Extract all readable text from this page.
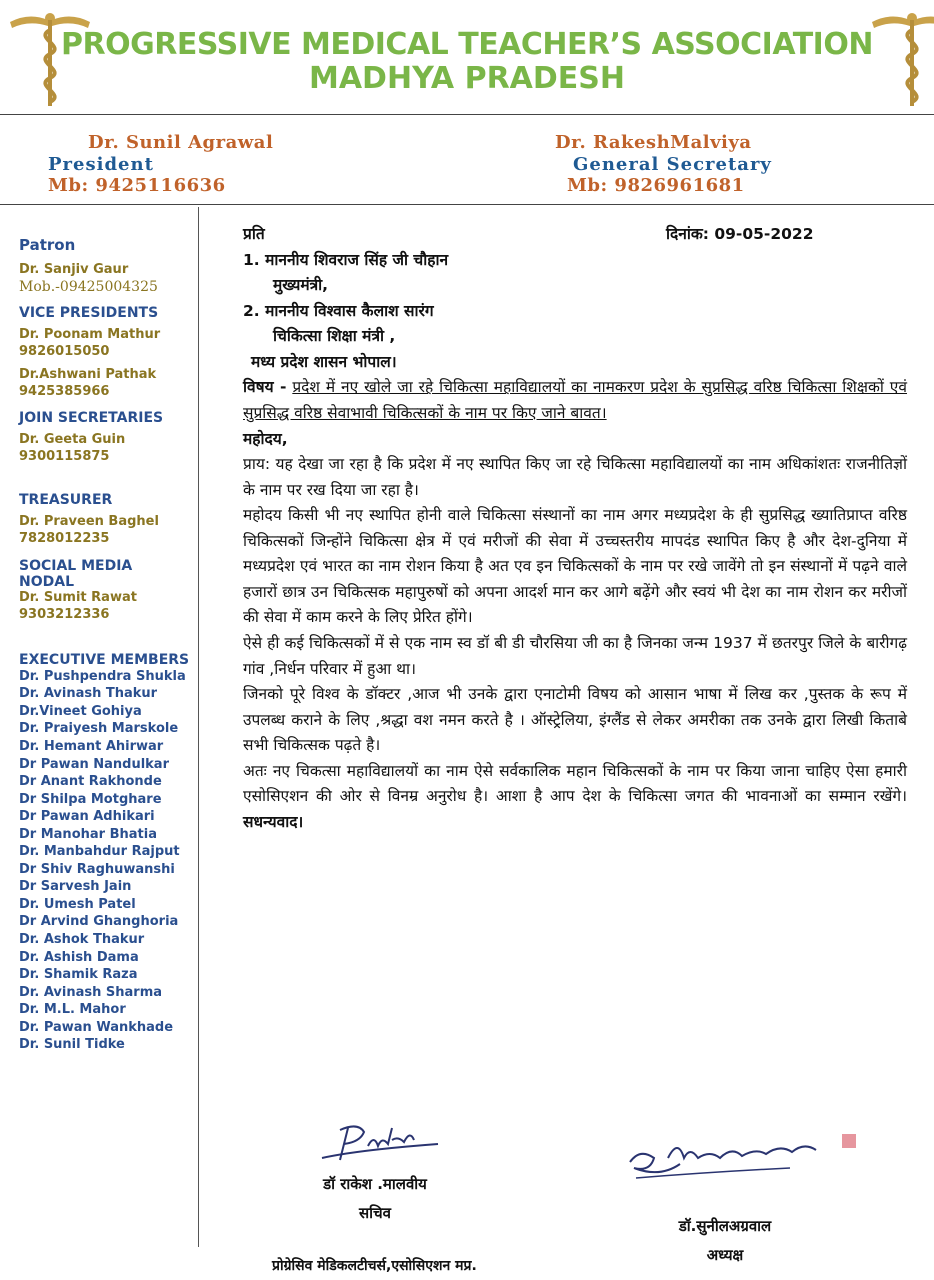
PROGRESSIVE MEDICAL TEACHER’S ASSOCIATION
MADHYA PRADESH
Dr. Sunil Agrawal
President
Mb: 9425116636
Dr. RakeshMalviya
General Secretary
Mb: 9826961681
Patron
Dr. Sanjiv Gaur
Mob.-09425004325
VICE PRESIDENTS
Dr. Poonam Mathur
9826015050
Dr.Ashwani Pathak
9425385966
JOIN SECRETARIES
Dr. Geeta Guin
9300115875
TREASURER
Dr. Praveen Baghel
7828012235
SOCIAL MEDIA
NODAL
Dr. Sumit Rawat
9303212336
EXECUTIVE MEMBERS
Dr. Pushpendra Shukla
Dr. Avinash Thakur
Dr.Vineet Gohiya
Dr. Praiyesh Marskole
Dr. Hemant Ahirwar
Dr Pawan Nandulkar
Dr Anant Rakhonde
Dr Shilpa Motghare
Dr Pawan Adhikari
Dr Manohar Bhatia
Dr. Manbahdur Rajput
Dr Shiv Raghuwanshi
Dr Sarvesh Jain
Dr. Umesh Patel
Dr Arvind Ghanghoria
Dr. Ashok Thakur
Dr. Ashish Dama
Dr. Shamik Raza
Dr. Avinash Sharma
Dr. M.L. Mahor
Dr. Pawan Wankhade
Dr. Sunil Tidke
दिनांक: 09-05-2022
प्रति
1. माननीय शिवराज सिंह जी चौहान
मुख्यमंत्री,
2. माननीय विश्वास कैलाश सारंग
चिकित्सा शिक्षा मंत्री ,
मध्य प्रदेश शासन भोपाल।
विषय - प्रदेश में नए खोले जा रहे चिकित्सा महाविद्यालयों का नामकरण प्रदेश के सुप्रसिद्ध वरिष्ठ चिकित्सा शिक्षकों एवं सुप्रसिद्ध वरिष्ठ सेवाभावी चिकित्सकों के नाम पर किए जाने बावत।
महोदय,
प्राय: यह देखा जा रहा है कि प्रदेश में नए स्थापित किए जा रहे चिकित्सा महाविद्यालयों का नाम अधिकांशतः राजनीतिज्ञों के नाम पर रख दिया जा रहा है।
महोदय किसी भी नए स्थापित होनी वाले चिकित्सा संस्थानों का नाम अगर मध्यप्रदेश के ही सुप्रसिद्ध ख्यातिप्राप्त वरिष्ठ चिकित्सकों जिन्होंने चिकित्सा क्षेत्र में एवं मरीजों की सेवा में उच्चस्तरीय मापदंड स्थापित किए है और देश-दुनिया में मध्यप्रदेश एवं भारत का नाम रोशन किया है अत एव इन चिकित्सकों के नाम पर रखे जावेंगे तो इन संस्थानों में पढ़ने वाले हजारों छात्र उन चिकित्सक महापुरुषों को अपना आदर्श मान कर आगे बढ़ेंगे और स्वयं भी देश का नाम रोशन कर मरीजों की सेवा में काम करने के लिए प्रेरित होंगे।
ऐसे ही कई चिकित्सकों में से एक नाम स्व डॉ बी डी चौरसिया जी का है जिनका जन्म 1937 में छतरपुर जिले के बारीगढ़ गांव ,निर्धन परिवार में हुआ था।
जिनको पूरे विश्व के डॉक्टर ,आज भी उनके द्वारा एनाटोमी विषय को आसान भाषा में लिख कर ,पुस्तक के रूप में उपलब्ध कराने के लिए ,श्रद्धा वश नमन करते है । ऑस्ट्रेलिया, इंग्लैंड से लेकर अमरीका तक उनके द्वारा लिखी किताबे सभी चिकित्सक पढ़ते है।
अतः नए चिकत्सा महाविद्यालयों का नाम ऐसे सर्वकालिक महान चिकित्सकों के नाम पर किया जाना चाहिए ऐसा हमारी एसोसिएशन की ओर से विनम्र अनुरोध है। आशा है आप देश के चिकित्सा जगत की भावनाओं का सम्मान रखेंगे। सधन्यवाद।
डॉ राकेश .मालवीय
सचिव
डॉ.सुनीलअग्रवाल
अध्यक्ष
प्रोग्रेसिव मेडिकलटीचर्स,एसोसिएशन मप्र.
